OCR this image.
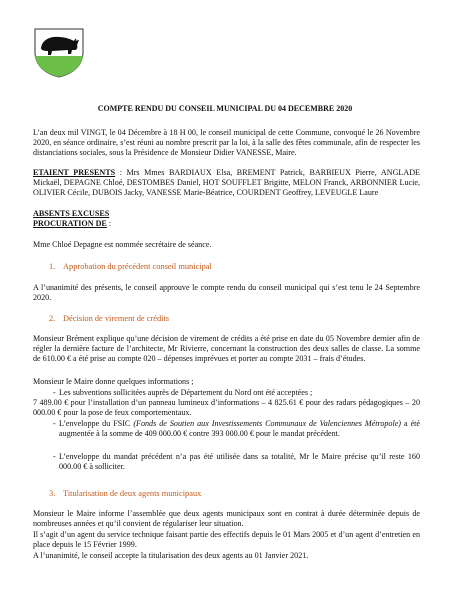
COMPTE RENDU DU CONSEIL MUNICIPAL DU 04 DECEMBRE 2020
L’an deux mil VINGT, le 04 Décembre à 18 H 00, le conseil municipal de cette Commune, convoqué le 26 Novembre 2020, en séance ordinaire, s’est réuni au nombre prescrit par la loi, à la salle des fêtes communale, afin de respecter les distanciations sociales, sous la Présidence de Monsieur Didier VANESSE, Maire.
ETAIENT PRESENTS : Mrs Mmes BARDIAUX Elsa, BREMENT Patrick, BARBIEUX Pierre, ANGLADE Mickaël, DEPAGNE Chloé, DESTOMBES Daniel, HOT SOUFFLET Brigitte, MELON Franck, ARBONNIER Lucie, OLIVIER Cécile, DUBOIS Jacky, VANESSE Marie-Béatrice, COURDENT Geoffrey, LEVEUGLE Laure
ABSENTS EXCUSES
PROCURATION DE :
Mme Chloé Depagne est nommée secrétaire de séance.
1. Approbation du précédent conseil municipal
A l’unanimité des présents, le conseil approuve le compte rendu du conseil municipal qui s’est tenu le 24 Septembre 2020.
2. Décision de virement de crédits
Monsieur Brément explique qu’une décision de virement de crédits a été prise en date du 05 Novembre dernier afin de régler la dernière facture de l’architecte, Mr Rivierre, concernant la construction des deux salles de classe. La somme de 610.00 € a été prise au compte 020 – dépenses imprévues et porter au compte 2031 – frais d’études.
Monsieur le Maire donne quelques informations ;
- Les subventions sollicitées auprès de Département du Nord ont été acceptées ;
7 489.00 € pour l’installation d’un panneau lumineux d’informations – 4 825.61 € pour des radars pédagogiques – 20 000.00 € pour la pose de feux comportementaux.
- L’enveloppe du FSIC (Fonds de Soutien aux Investissements Communaux de Valenciennes Métropole) a été augmentée à la somme de 409 000.00 € contre 393 000.00 € pour le mandat précédent.
- L’enveloppe du mandat précédent n’a pas été utilisée dans sa totalité, Mr le Maire précise qu’il reste 160 000.00 € à solliciter.
3. Titularisation de deux agents municipaux
Monsieur le Maire informe l’assemblée que deux agents municipaux sont en contrat à durée déterminée depuis de nombreuses années et qu’il convient de régulariser leur situation.
Il s’agit d’un agent du service technique faisant partie des effectifs depuis le 01 Mars 2005 et d’un agent d’entretien en place depuis le 15 Février 1999.
A l’unanimité, le conseil accepte la titularisation des deux agents au 01 Janvier 2021.
